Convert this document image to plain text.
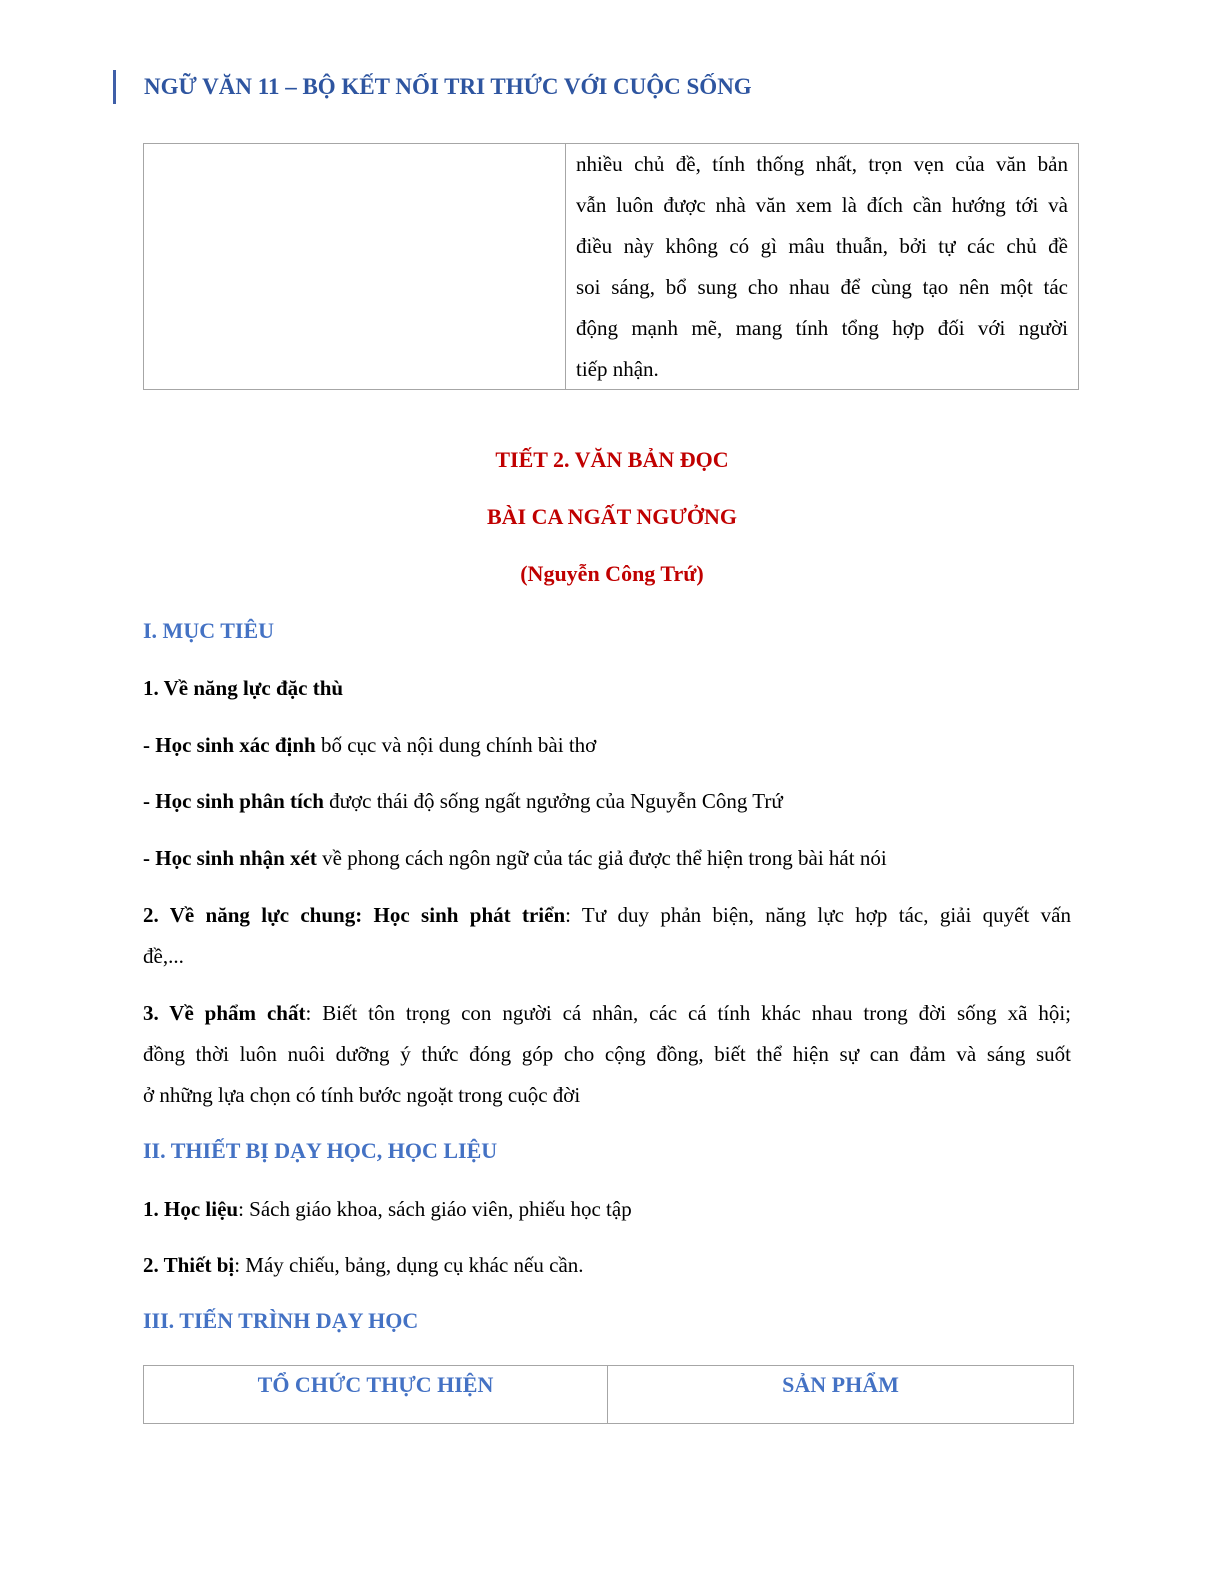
NGỮ VĂN 11 – BỘ KẾT NỐI TRI THỨC VỚI CUỘC SỐNG
nhiều chủ đề, tính thống nhất, trọn vẹn của văn bản
vẫn luôn được nhà văn xem là đích cần hướng tới và
điều này không có gì mâu thuẫn, bởi tự các chủ đề
soi sáng, bổ sung cho nhau để cùng tạo nên một tác
động mạnh mẽ, mang tính tổng hợp đối với người
tiếp nhận.
TIẾT 2. VĂN BẢN ĐỌC
BÀI CA NGẤT NGƯỞNG
(Nguyễn Công Trứ)
I. MỤC TIÊU
1. Về năng lực đặc thù
- Học sinh xác định bố cục và nội dung chính bài thơ
- Học sinh phân tích được thái độ sống ngất ngưởng của Nguyễn Công Trứ
- Học sinh nhận xét về phong cách ngôn ngữ của tác giả được thể hiện trong bài hát nói
2. Về năng lực chung: Học sinh phát triển: Tư duy phản biện, năng lực hợp tác, giải quyết vấn
đề,...
3. Về phẩm chất: Biết tôn trọng con người cá nhân, các cá tính khác nhau trong đời sống xã hội;
đồng thời luôn nuôi dưỡng ý thức đóng góp cho cộng đồng, biết thể hiện sự can đảm và sáng suốt
ở những lựa chọn có tính bước ngoặt trong cuộc đời
II. THIẾT BỊ DẠY HỌC, HỌC LIỆU
1. Học liệu: Sách giáo khoa, sách giáo viên, phiếu học tập
2. Thiết bị: Máy chiếu, bảng, dụng cụ khác nếu cần.
III. TIẾN TRÌNH DẠY HỌC
TỔ CHỨC THỰC HIỆN	SẢN PHẨM
